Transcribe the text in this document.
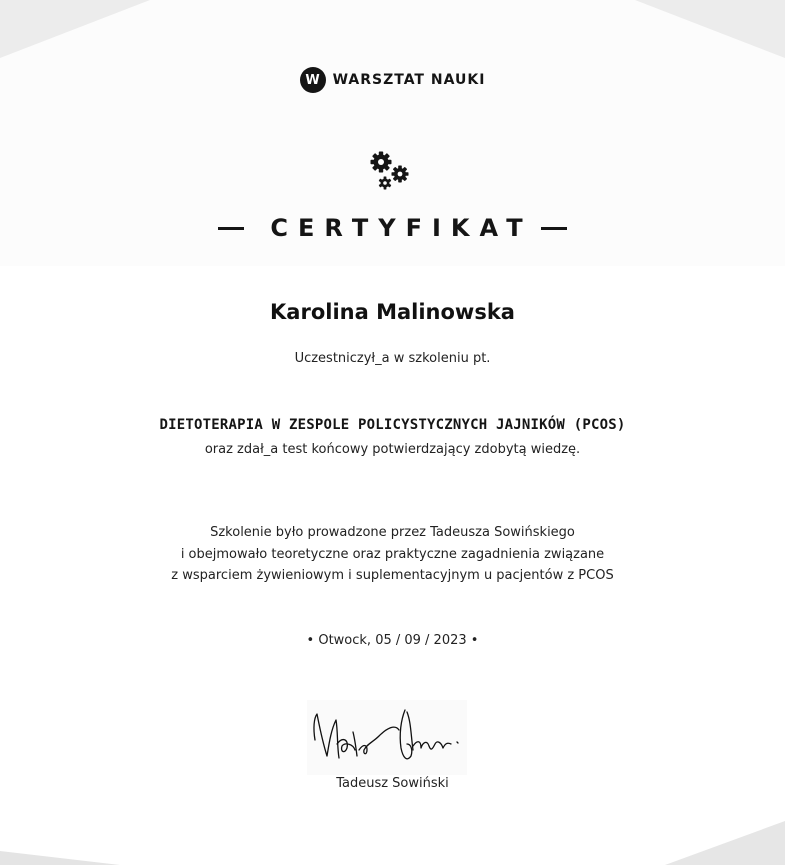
W WARSZTAT NAUKI
CERTYFIKAT
Karolina Malinowska
Uczestniczył_a w szkoleniu pt.
DIETOTERAPIA W ZESPOLE POLICYSTYCZNYCH JAJNIKÓW (PCOS)
oraz zdał_a test końcowy potwierdzający zdobytą wiedzę.
Szkolenie było prowadzone przez Tadeusza Sowińskiego
i obejmowało teoretyczne oraz praktyczne zagadnienia związane
z wsparciem żywieniowym i suplementacyjnym u pacjentów z PCOS
• Otwock, 05 / 09 / 2023 •
Tadeusz Sowiński
